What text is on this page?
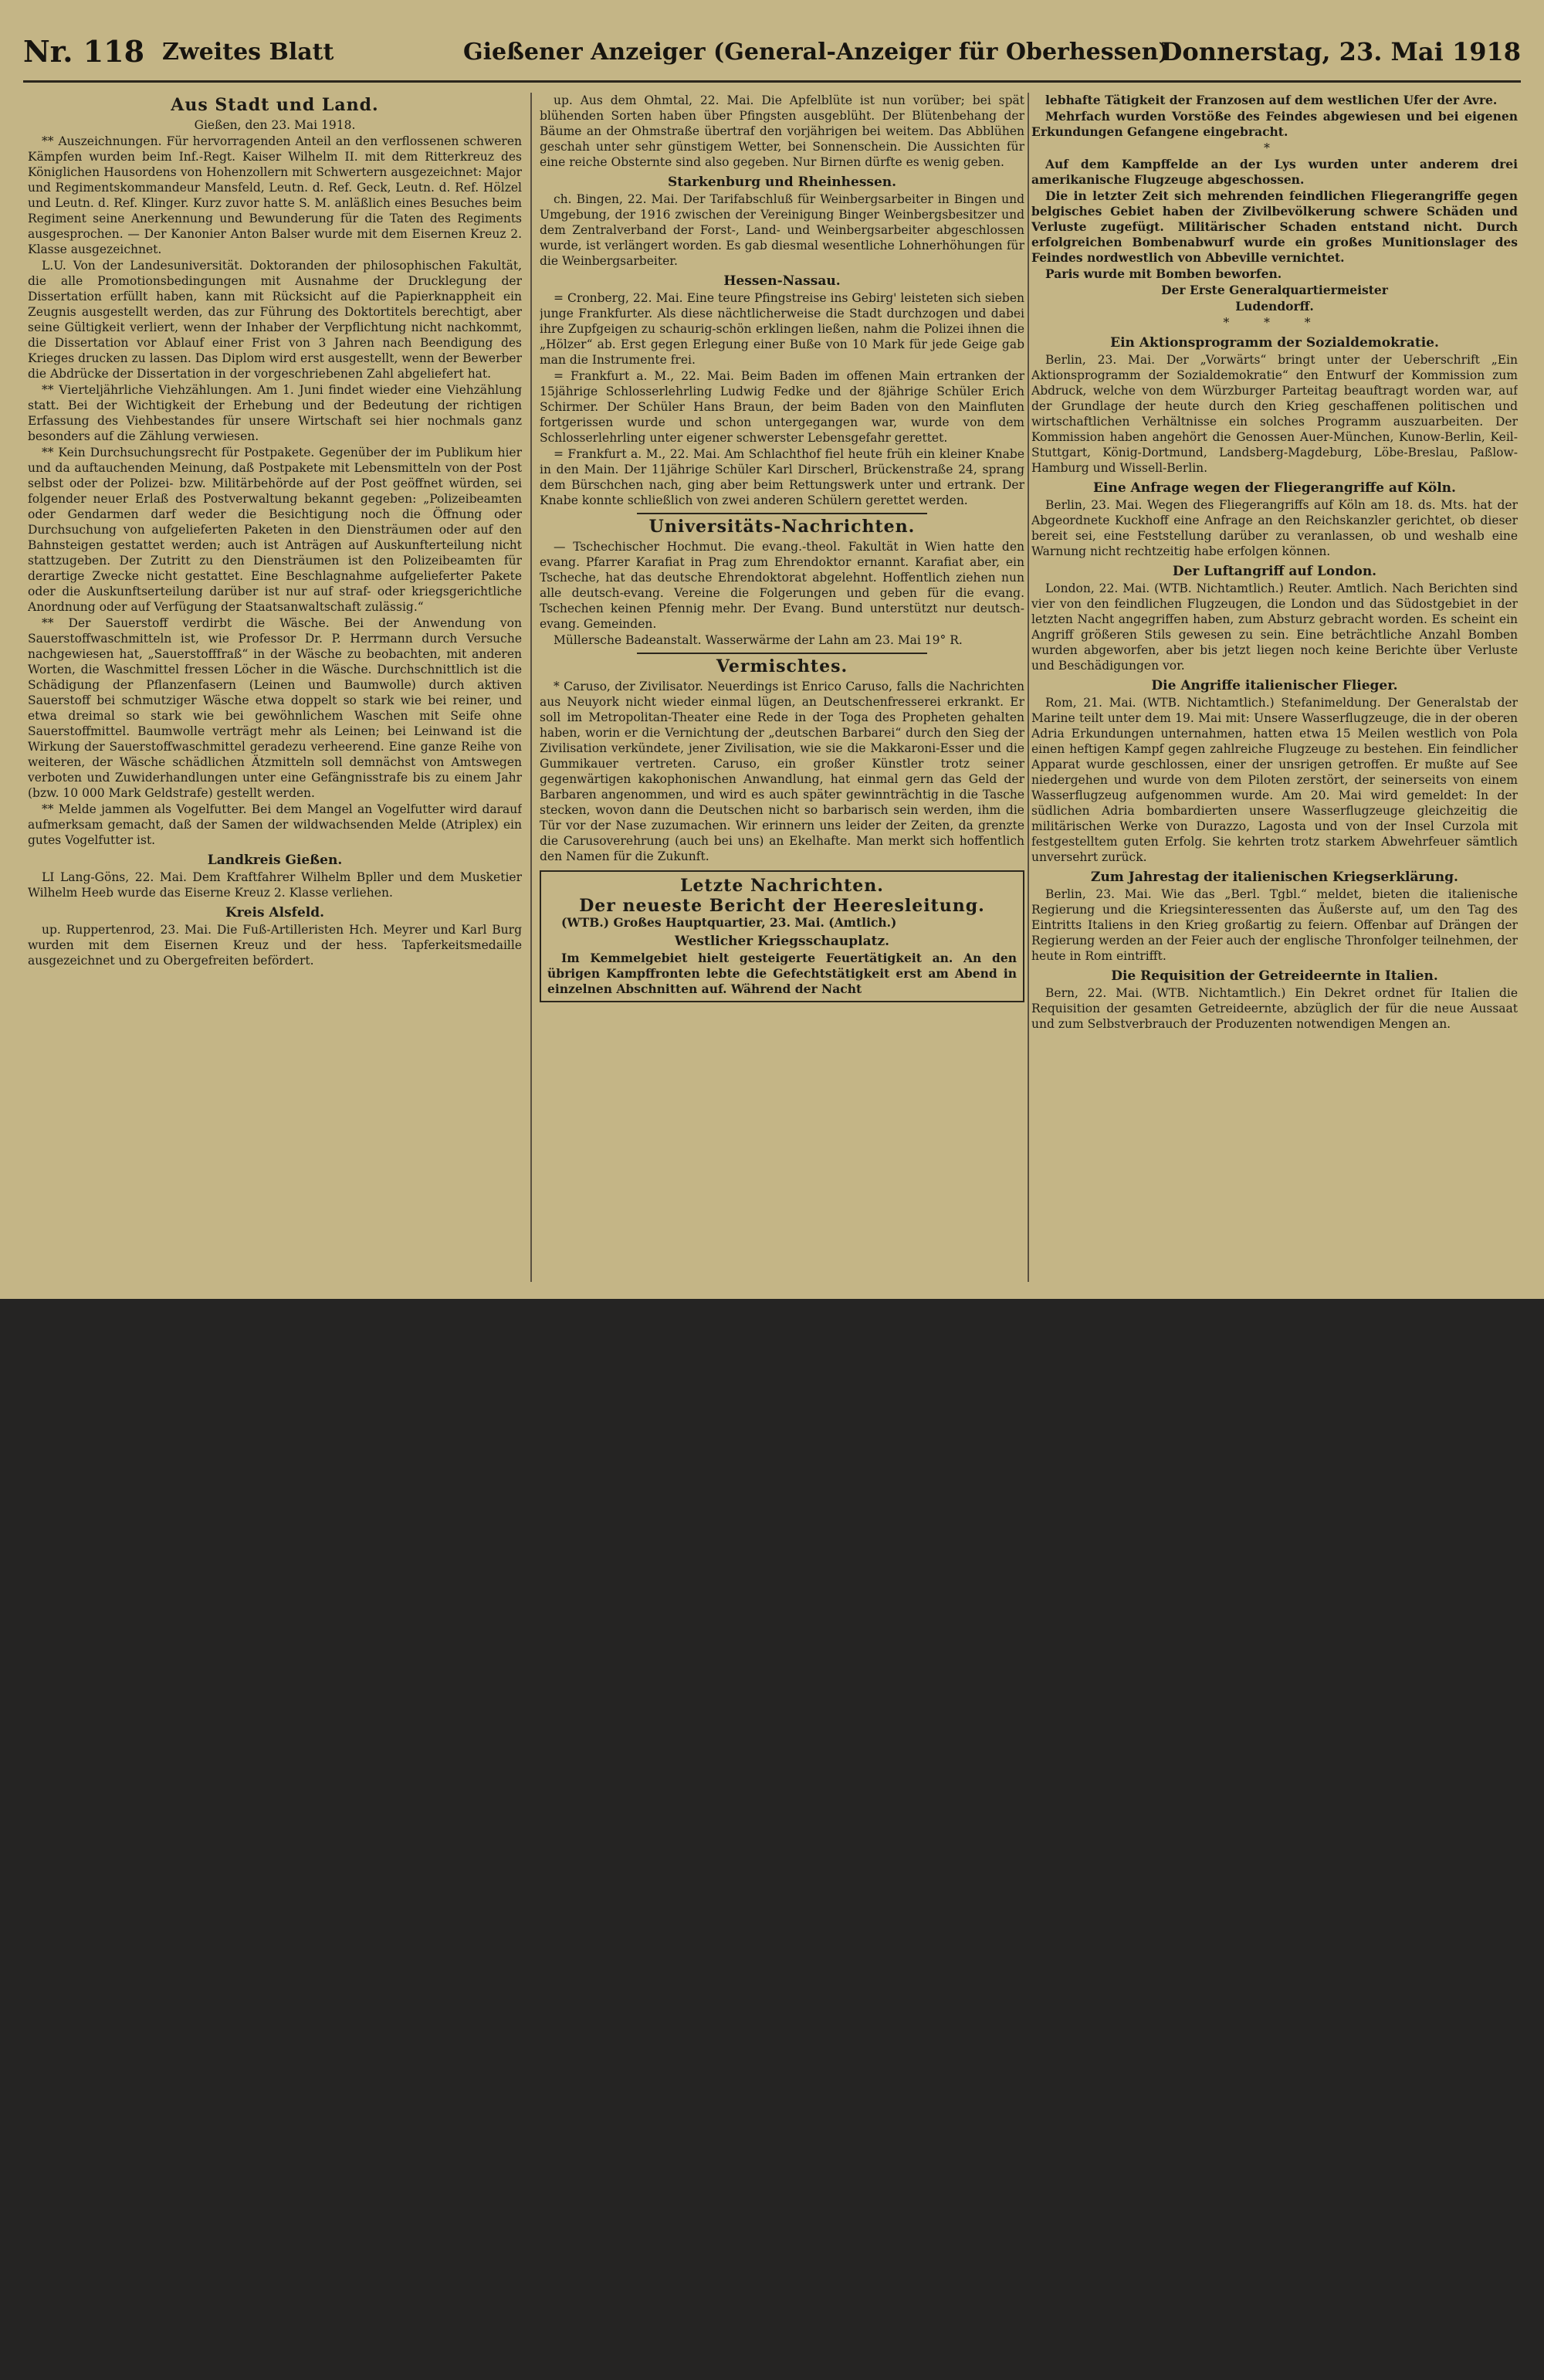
Nr. 118 Zweites Blatt	Gießener Anzeiger (General-Anzeiger für Oberhessen)
Donnerstag, 23. Mai 1918
Aus Stadt und Land.

Gießen, den 23. Mai 1918.

** Auszeichnungen. Für hervorragenden Anteil an den verflossenen schweren Kämpfen wurden beim Inf.-Regt. Kaiser Wilhelm II. mit dem Ritterkreuz des Königlichen Hausordens von Hohenzollern mit Schwertern ausgezeichnet: Major und Regimentskommandeur Mansfeld, Leutn. d. Ref. Geck, Leutn. d. Ref. Hölzel und Leutn. d. Ref. Klinger. Kurz zuvor hatte S. M. anläßlich eines Besuches beim Regiment seine Anerkennung und Bewunderung für die Taten des Regiments ausgesprochen. — Der Kanonier Anton Balser wurde mit dem Eisernen Kreuz 2. Klasse ausgezeichnet.

L.U. Von der Landesuniversität. Doktoranden der philosophischen Fakultät, die alle Promotionsbedingungen mit Ausnahme der Drucklegung der Dissertation erfüllt haben, kann mit Rücksicht auf die Papierknappheit ein Zeugnis ausgestellt werden, das zur Führung des Doktortitels berechtigt, aber seine Gültigkeit verliert, wenn der Inhaber der Verpflichtung nicht nachkommt, die Dissertation vor Ablauf einer Frist von 3 Jahren nach Beendigung des Krieges drucken zu lassen. Das Diplom wird erst ausgestellt, wenn der Bewerber die Abdrücke der Dissertation in der vorgeschriebenen Zahl abgeliefert hat.

** Vierteljährliche Viehzählungen. Am 1. Juni findet wieder eine Viehzählung statt. Bei der Wichtigkeit der Erhebung und der Bedeutung der richtigen Erfassung des Viehbestandes für unsere Wirtschaft sei hier nochmals ganz besonders auf die Zählung verwiesen.

** Kein Durchsuchungsrecht für Postpakete. Gegenüber der im Publikum hier und da auftauchenden Meinung, daß Postpakete mit Lebensmitteln von der Post selbst oder der Polizei- bzw. Militärbehörde auf der Post geöffnet würden, sei folgender neuer Erlaß des Postverwaltung bekannt gegeben: „Polizeibeamten oder Gendarmen darf weder die Besichtigung noch die Öffnung oder Durchsuchung von aufgelieferten Paketen in den Diensträumen oder auf den Bahnsteigen gestattet werden; auch ist Anträgen auf Auskunfterteilung nicht stattzugeben. Der Zutritt zu den Diensträumen ist den Polizeibeamten für derartige Zwecke nicht gestattet. Eine Beschlagnahme aufgelieferter Pakete oder die Auskunftserteilung darüber ist nur auf straf- oder kriegsgerichtliche Anordnung oder auf Verfügung der Staatsanwaltschaft zulässig.“

** Der Sauerstoff verdirbt die Wäsche. Bei der Anwendung von Sauerstoffwaschmitteln ist, wie Professor Dr. P. Herrmann durch Versuche nachgewiesen hat, „Sauerstofffraß“ in der Wäsche zu beobachten, mit anderen Worten, die Waschmittel fressen Löcher in die Wäsche. Durchschnittlich ist die Schädigung der Pflanzenfasern (Leinen und Baumwolle) durch aktiven Sauerstoff bei schmutziger Wäsche etwa doppelt so stark wie bei reiner, und etwa dreimal so stark wie bei gewöhnlichem Waschen mit Seife ohne Sauerstoffmittel. Baumwolle verträgt mehr als Leinen; bei Leinwand ist die Wirkung der Sauerstoffwaschmittel geradezu verheerend. Eine ganze Reihe von weiteren, der Wäsche schädlichen Ätzmitteln soll demnächst von Amtswegen verboten und Zuwiderhandlungen unter eine Gefängnisstrafe bis zu einem Jahr (bzw. 10 000 Mark Geldstrafe) gestellt werden.

** Melde jammen als Vogelfutter. Bei dem Mangel an Vogelfutter wird darauf aufmerksam gemacht, daß der Samen der wildwachsenden Melde (Atriplex) ein gutes Vogelfutter ist.

Landkreis Gießen.

LI Lang-Göns, 22. Mai. Dem Kraftfahrer Wilhelm Bpller und dem Musketier Wilhelm Heeb wurde das Eiserne Kreuz 2. Klasse verliehen.

Kreis Alsfeld.

up. Ruppertenrod, 23. Mai. Die Fuß-Artilleristen Hch. Meyrer und Karl Burg wurden mit dem Eisernen Kreuz und der hess. Tapferkeitsmedaille ausgezeichnet und zu Obergefreiten befördert.

up. Aus dem Ohmtal, 22. Mai. Die Apfelblüte ist nun vorüber; bei spät blühenden Sorten haben über Pfingsten ausgeblüht. Der Blütenbehang der Bäume an der Ohmstraße übertraf den vorjährigen bei weitem. Das Abblühen geschah unter sehr günstigem Wetter, bei Sonnenschein. Die Aussichten für eine reiche Obsternte sind also gegeben. Nur Birnen dürfte es wenig geben.

Starkenburg und Rheinhessen.

ch. Bingen, 22. Mai. Der Tarifabschluß für Weinbergsarbeiter in Bingen und Umgebung, der 1916 zwischen der Vereinigung Binger Weinbergsbesitzer und dem Zentralverband der Forst-, Land- und Weinbergsarbeiter abgeschlossen wurde, ist verlängert worden. Es gab diesmal wesentliche Lohnerhöhungen für die Weinbergsarbeiter.

Hessen-Nassau.

= Cronberg, 22. Mai. Eine teure Pfingstreise ins Gebirg' leisteten sich sieben junge Frankfurter. Als diese nächtlicherweise die Stadt durchzogen und dabei ihre Zupfgeigen zu schaurig-schön erklingen ließen, nahm die Polizei ihnen die „Hölzer“ ab. Erst gegen Erlegung einer Buße von 10 Mark für jede Geige gab man die Instrumente frei.

= Frankfurt a. M., 22. Mai. Beim Baden im offenen Main ertranken der 15jährige Schlosserlehrling Ludwig Fedke und der 8jährige Schüler Erich Schirmer. Der Schüler Hans Braun, der beim Baden von den Mainfluten fortgerissen wurde und schon untergegangen war, wurde von dem Schlosserlehrling unter eigener schwerster Lebensgefahr gerettet.

= Frankfurt a. M., 22. Mai. Am Schlachthof fiel heute früh ein kleiner Knabe in den Main. Der 11jährige Schüler Karl Dirscherl, Brückenstraße 24, sprang dem Bürschchen nach, ging aber beim Rettungswerk unter und ertrank. Der Knabe konnte schließlich von zwei anderen Schülern gerettet werden.

Universitäts-Nachrichten.

— Tschechischer Hochmut. Die evang.-theol. Fakultät in Wien hatte den evang. Pfarrer Karafiat in Prag zum Ehrendoktor ernannt. Karafiat aber, ein Tscheche, hat das deutsche Ehrendoktorat abgelehnt. Hoffentlich ziehen nun alle deutsch-evang. Vereine die Folgerungen und geben für die evang. Tschechen keinen Pfennig mehr. Der Evang. Bund unterstützt nur deutsch-evang. Gemeinden.

Müllersche Badeanstalt. Wasserwärme der Lahn am 23. Mai 19° R.

Vermischtes.

* Caruso, der Zivilisator. Neuerdings ist Enrico Caruso, falls die Nachrichten aus Neuyork nicht wieder einmal lügen, an Deutschenfresserei erkrankt. Er soll im Metropolitan-Theater eine Rede in der Toga des Propheten gehalten haben, worin er die Vernichtung der „deutschen Barbarei“ durch den Sieg der Zivilisation verkündete, jener Zivilisation, wie sie die Makkaroni-Esser und die Gummikauer vertreten. Caruso, ein großer Künstler trotz seiner gegenwärtigen kakophonischen Anwandlung, hat einmal gern das Geld der Barbaren angenommen, und wird es auch später gewinnträchtig in die Tasche stecken, wovon dann die Deutschen nicht so barbarisch sein werden, ihm die Tür vor der Nase zuzumachen. Wir erinnern uns leider der Zeiten, da grenzte die Carusoverehrung (auch bei uns) an Ekelhafte. Man merkt sich hoffentlich den Namen für die Zukunft.

Letzte Nachrichten.
Der neueste Bericht der Heeresleitung.

(WTB.) Großes Hauptquartier, 23. Mai. (Amtlich.)

Westlicher Kriegsschauplatz.

Im Kemmelgebiet hielt gesteigerte Feuertätigkeit an. An den übrigen Kampffronten lebte die Gefechtstätigkeit erst am Abend in einzelnen Abschnitten auf. Während der Nacht

lebhafte Tätigkeit der Franzosen auf dem westlichen Ufer der Avre.

Mehrfach wurden Vorstöße des Feindes abgewiesen und bei eigenen Erkundungen Gefangene eingebracht.

*

Auf dem Kampffelde an der Lys wurden unter anderem drei amerikanische Flugzeuge abgeschossen.

Die in letzter Zeit sich mehrenden feindlichen Fliegerangriffe gegen belgisches Gebiet haben der Zivilbevölkerung schwere Schäden und Verluste zugefügt. Militärischer Schaden entstand nicht. Durch erfolgreichen Bombenabwurf wurde ein großes Munitionslager des Feindes nordwestlich von Abbeville vernichtet.

Paris wurde mit Bomben beworfen.

Der Erste Generalquartiermeister

Ludendorff.

* * *

Ein Aktionsprogramm der Sozialdemokratie.

Berlin, 23. Mai. Der „Vorwärts“ bringt unter der Ueberschrift „Ein Aktionsprogramm der Sozialdemokratie“ den Entwurf der Kommission zum Abdruck, welche von dem Würzburger Parteitag beauftragt worden war, auf der Grundlage der heute durch den Krieg geschaffenen politischen und wirtschaftlichen Verhältnisse ein solches Programm auszuarbeiten. Der Kommission haben angehört die Genossen Auer-München, Kunow-Berlin, Keil-Stuttgart, König-Dortmund, Landsberg-Magdeburg, Löbe-Breslau, Paßlow-Hamburg und Wissell-Berlin.

Eine Anfrage wegen der Fliegerangriffe auf Köln.

Berlin, 23. Mai. Wegen des Fliegerangriffs auf Köln am 18. ds. Mts. hat der Abgeordnete Kuckhoff eine Anfrage an den Reichskanzler gerichtet, ob dieser bereit sei, eine Feststellung darüber zu veranlassen, ob und weshalb eine Warnung nicht rechtzeitig habe erfolgen können.

Der Luftangriff auf London.

London, 22. Mai. (WTB. Nichtamtlich.) Reuter. Amtlich. Nach Berichten sind vier von den feindlichen Flugzeugen, die London und das Südostgebiet in der letzten Nacht angegriffen haben, zum Absturz gebracht worden. Es scheint ein Angriff größeren Stils gewesen zu sein. Eine beträchtliche Anzahl Bomben wurden abgeworfen, aber bis jetzt liegen noch keine Berichte über Verluste und Beschädigungen vor.

Die Angriffe italienischer Flieger.

Rom, 21. Mai. (WTB. Nichtamtlich.) Stefanimeldung. Der Generalstab der Marine teilt unter dem 19. Mai mit: Unsere Wasserflugzeuge, die in der oberen Adria Erkundungen unternahmen, hatten etwa 15 Meilen westlich von Pola einen heftigen Kampf gegen zahlreiche Flugzeuge zu bestehen. Ein feindlicher Apparat wurde geschlossen, einer der unsrigen getroffen. Er mußte auf See niedergehen und wurde von dem Piloten zerstört, der seinerseits von einem Wasserflugzeug aufgenommen wurde. Am 20. Mai wird gemeldet: In der südlichen Adria bombardierten unsere Wasserflugzeuge gleichzeitig die militärischen Werke von Durazzo, Lagosta und von der Insel Curzola mit festgestelltem guten Erfolg. Sie kehrten trotz starkem Abwehrfeuer sämtlich unversehrt zurück.

Zum Jahrestag der italienischen Kriegserklärung.

Berlin, 23. Mai. Wie das „Berl. Tgbl.“ meldet, bieten die italienische Regierung und die Kriegsinteressenten das Äußerste auf, um den Tag des Eintritts Italiens in den Krieg großartig zu feiern. Offenbar auf Drängen der Regierung werden an der Feier auch der englische Thronfolger teilnehmen, der heute in Rom eintrifft.

Die Requisition der Getreideernte in Italien.

Bern, 22. Mai. (WTB. Nichtamtlich.) Ein Dekret ordnet für Italien die Requisition der gesamten Getreideernte, abzüglich der für die neue Aussaat und zum Selbstverbrauch der Produzenten notwendigen Mengen an.
